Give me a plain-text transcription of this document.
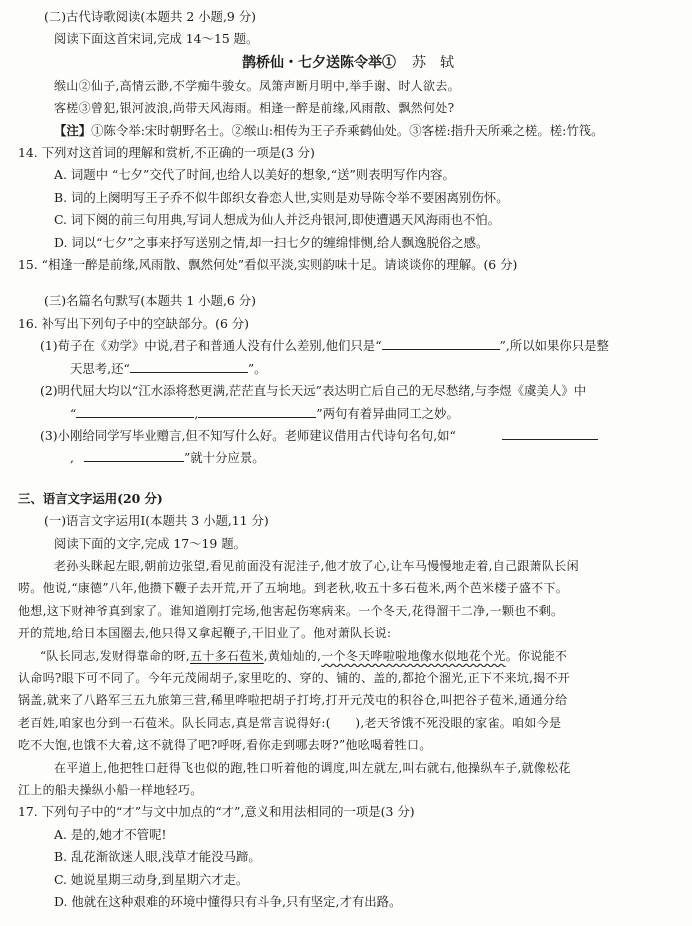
(二)古代诗歌阅读(本题共 2 小题,9 分)
阅读下面这首宋词,完成 14～15 题。
鹊桥仙・七夕送陈令举① 苏　轼
缑山②仙子,高情云渺,不学痴牛骏女。凤箫声断月明中,举手谢、时人欲去。
客槎③曾犯,银河波浪,尚带天风海雨。相逢一醉是前缘,风雨散、飘然何处?
【注】①陈令举:宋时朝野名士。②缑山:相传为王子乔乘鹤仙处。③客槎:指升天所乘之槎。槎:竹筏。
14. 下列对这首词的理解和赏析,不正确的一项是(3 分)
A. 词题中 “七夕”交代了时间,也给人以美好的想象,“送”则表明写作内容。
B. 词的上阕明写王子乔不似牛郎织女眷恋人世,实则是劝导陈令举不要困离别伤怀。
C. 词下阕的前三句用典,写词人想成为仙人并泛舟银河,即使遭遇天风海雨也不怕。
D. 词以“七夕”之事来抒写送别之情,却一扫七夕的缠绵悱恻,给人飘逸脱俗之感。
15. “相逢一醉是前缘,风雨散、飘然何处”看似平淡,实则韵味十足。请谈谈你的理解。(6 分)
(三)名篇名句默写(本题共 1 小题,6 分)
16. 补写出下列句子中的空缺部分。(6 分)
(1)荀子在《劝学》中说,君子和普通人没有什么差别,他们只是“	”,所以如果你只是整
天思考,还“	”。
(2)明代屈大均以“江水添将愁更满,茫茫直与长天远”表达明亡后自己的无尽愁绪,与李煜《虞美人》中
“	,	”两句有着异曲同工之妙。
(3)小刚给同学写毕业赠言,但不知写什么好。老师建议借用古代诗句名句,如“
,	”就十分应景。
三、语言文字运用(20 分)
(一)语言文字运用Ⅰ(本题共 3 小题,11 分)
阅读下面的文字,完成 17～19 题。
老孙头眯起左眼,朝前边张望,看见前面没有泥洼子,他才放了心,让车马慢慢地走着,自己跟萧队长闲
唠。他说,“康德”八年,他攒下鞭子去开荒,开了五垧地。到老秋,收五十多石苞米,两个芭米楼子盛不下。
他想,这下财神爷真到家了。谁知道刚打完场,他害起伤寒病来。一个冬天,花得溜干二净,一颗也不剩。
开的荒地,给日本国圈去,他只得又拿起鞭子,干旧业了。他对萧队长说:
“队长同志,发财得靠命的呀,五十多石苞米,黄灿灿的,一个冬天哗啦啦地像水似地花个光。你说能不
认命吗?眼下可不同了。今年元茂闹胡子,家里吃的、穿的、铺的、盖的,都抢个溜光,正下不来坑,揭不开
锅盖,就来了八路军三五九旅第三营,稀里哗啦把胡子打垮,打开元茂屯的积谷仓,叫把谷子苞米,通通分给
老百姓,咱家也分到一石苞米。队长同志,真是常言说得好:(　　),老天爷饿不死没眼的家雀。咱如今是
吃不大饱,也饿不大着,这不就得了吧?呼呀,看你走到哪去呀?”他吆喝着牲口。
在平道上,他把牲口赶得飞也似的跑,牲口听着他的调度,叫左就左,叫右就右,他操纵车子,就像松花
江上的船夫操纵小船一样地轻巧。
17. 下列句子中的“才”与文中加点的“才”,意义和用法相同的一项是(3 分)
A. 是的,她才不管呢!
B. 乱花渐欲迷人眼,浅草才能没马蹄。
C. 她说星期三动身,到星期六才走。
D. 他就在这种艰难的环境中懂得只有斗争,只有坚定,才有出路。
